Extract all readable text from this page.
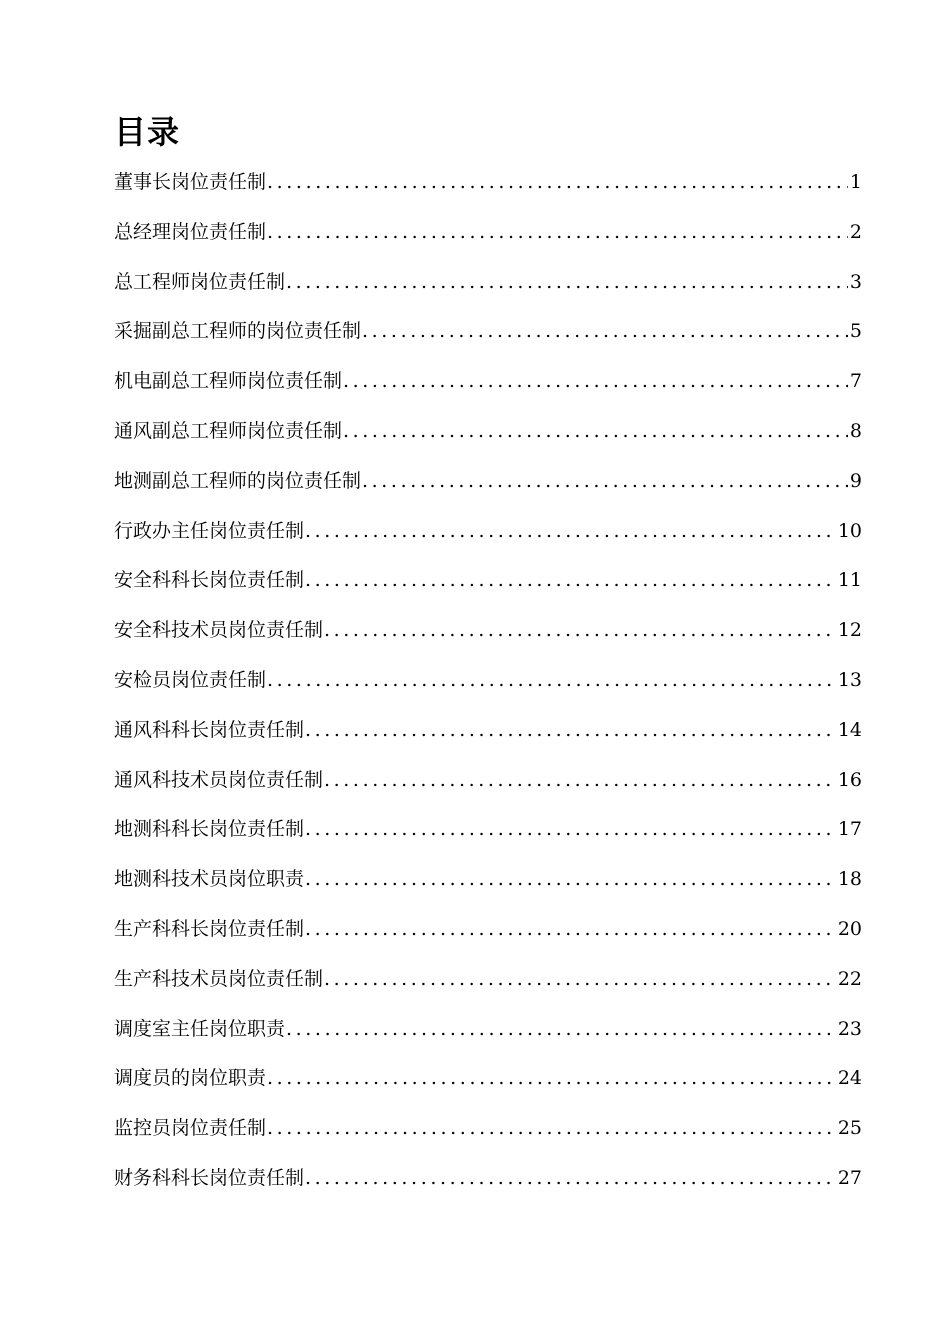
目录
董事长岗位责任制 .....	1
总经理岗位责任制 .....	2
总工程师岗位责任制 .....	3
采掘副总工程师的岗位责任制 .....	5
机电副总工程师岗位责任制 .....	7
通风副总工程师岗位责任制 .....	8
地测副总工程师的岗位责任制 .....	9
行政办主任岗位责任制 .....	10
安全科科长岗位责任制 .....	11
安全科技术员岗位责任制 .....	12
安检员岗位责任制 .....	13
通风科科长岗位责任制 .....	14
通风科技术员岗位责任制 .....	16
地测科科长岗位责任制 .....	17
地测科技术员岗位职责 .....	18
生产科科长岗位责任制 .....	20
生产科技术员岗位责任制 .....	22
调度室主任岗位职责 .....	23
调度员的岗位职责 .....	24
监控员岗位责任制 .....	25
财务科科长岗位责任制 .....	27
